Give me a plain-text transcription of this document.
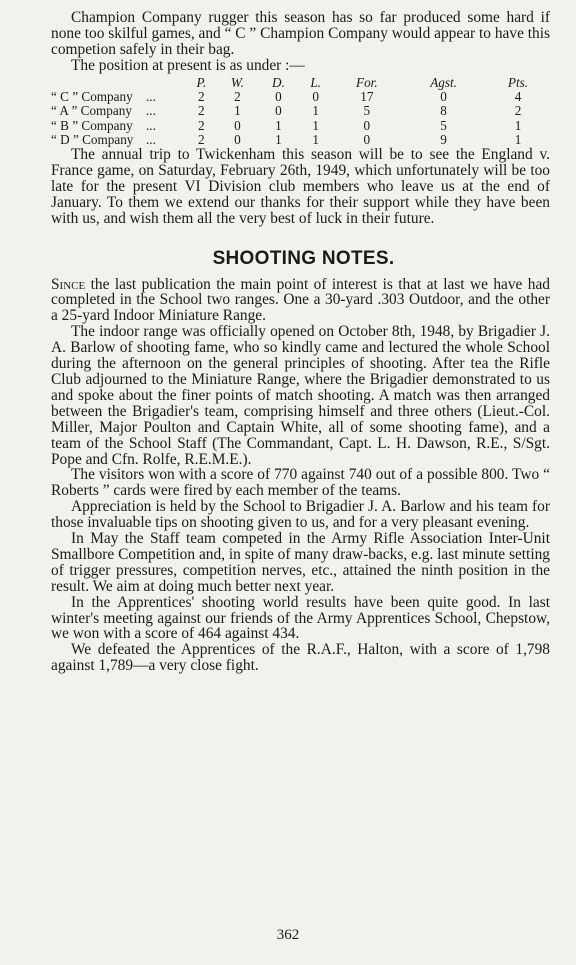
Champion Company rugger this season has so far produced some hard if none too skilful games, and “ C ” Champion Company would appear to have this competion safely in their bag.

The position at present is as under :—

		P.	W.	D.	L.	For.	Agst.	Pts.
“ C ” Company	...	2	2	0	0	17	0	4
“ A ” Company	...	2	1	0	1	5	8	2
“ B ” Company	...	2	0	1	1	0	5	1
“ D ” Company	...	2	0	1	1	0	9	1

The annual trip to Twickenham this season will be to see the England v. France game, on Saturday, February 26th, 1949, which unfortunately will be too late for the present VI Division club members who leave us at the end of January. To them we extend our thanks for their support while they have been with us, and wish them all the very best of luck in their future.

SHOOTING NOTES.

Since the last publication the main point of interest is that at last we have had completed in the School two ranges. One a 30-yard .303 Outdoor, and the other a 25-yard Indoor Miniature Range.

The indoor range was officially opened on October 8th, 1948, by Brigadier J. A. Barlow of shooting fame, who so kindly came and lectured the whole School during the afternoon on the general principles of shooting. After tea the Rifle Club adjourned to the Miniature Range, where the Brigadier demonstrated to us and spoke about the finer points of match shooting. A match was then arranged between the Brigadier's team, comprising himself and three others (Lieut.-Col. Miller, Major Poulton and Captain White, all of some shooting fame), and a team of the School Staff (The Commandant, Capt. L. H. Dawson, R.E., S/Sgt. Pope and Cfn. Rolfe, R.E.M.E.).

The visitors won with a score of 770 against 740 out of a possible 800. Two “ Roberts ” cards were fired by each member of the teams.

Appreciation is held by the School to Brigadier J. A. Barlow and his team for those invaluable tips on shooting given to us, and for a very pleasant evening.

In May the Staff team competed in the Army Rifle Association Inter-Unit Smallbore Competition and, in spite of many draw-backs, e.g. last minute setting of trigger pressures, competition nerves, etc., attained the ninth position in the result. We aim at doing much better next year.

In the Apprentices' shooting world results have been quite good. In last winter's meeting against our friends of the Army Apprentices School, Chepstow, we won with a score of 464 against 434.

We defeated the Apprentices of the R.A.F., Halton, with a score of 1,798 against 1,789—a very close fight.

362
